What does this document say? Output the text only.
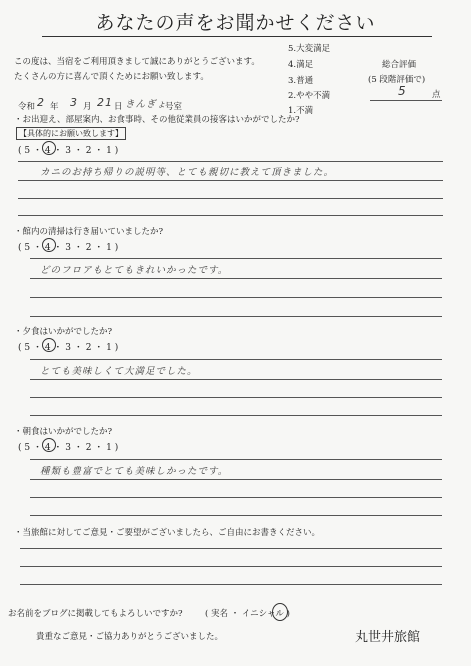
あなたの声をお聞かせください
この度は、当宿をご利用頂きまして誠にありがとうございます。
たくさんの方に喜んで頂くためにお願い致します。
5.大変満足
4.満足
3.普通
2.やや不満
1.不満
総合評価
(5 段階評価で)
5	点
令和 2 年 3 月 21 日 きんぎょ
号室
・お出迎え、部屋案内、お食事時、その他従業員の接客はいかがでしたか?
【具体的にお願い致します】
( 5 ・ 4 ・ 3 ・ 2 ・ 1 )
カニのお持ち帰りの説明等、とても親切に教えて頂きました。
・館内の清掃は行き届いていましたか?
( 5 ・ 4 ・ 3 ・ 2 ・ 1 )
どのフロアもとてもきれいかったです。
・夕食はいかがでしたか?
( 5 ・ 4 ・ 3 ・ 2 ・ 1 )
とても美味しくて大満足でした。
・朝食はいかがでしたか?
( 5 ・ 4 ・ 3 ・ 2 ・ 1 )
種類も豊富でとても美味しかったです。
・当旅館に対してご意見・ご要望がございましたら、ご自由にお書きください。
お名前をブログに掲載してもよろしいですか?	( 実名 ・ イニシャル )
貴重なご意見・ご協力ありがとうございました。	丸世井旅館
